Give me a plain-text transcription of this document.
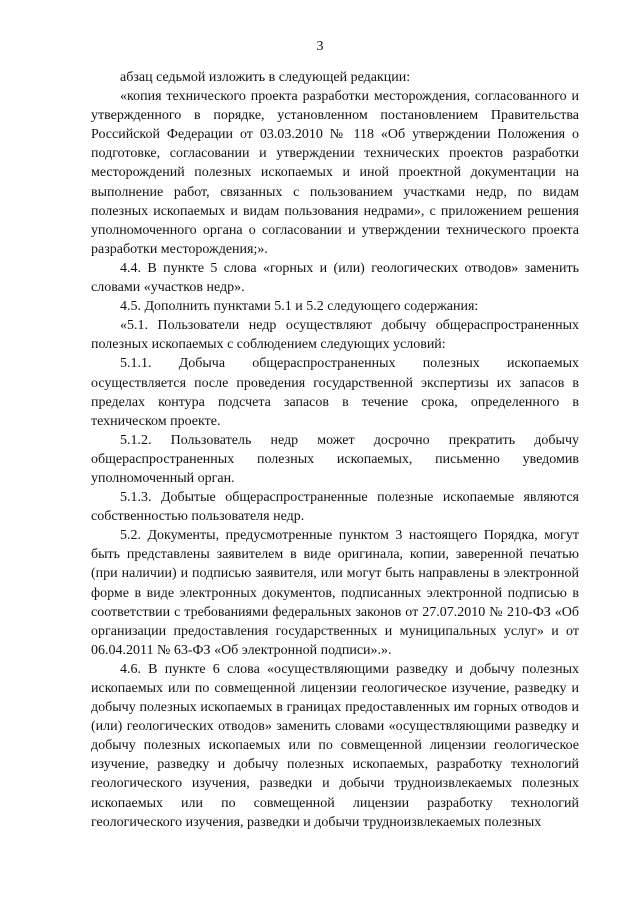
3

абзац седьмой изложить в следующей редакции:

«копия технического проекта разработки месторождения, согласованного и утвержденного в порядке, установленном постановлением Правительства Российской Федерации от 03.03.2010 № 118 «Об утверждении Положения о подготовке, согласовании и утверждении технических проектов разработки месторождений полезных ископаемых и иной проектной документации на выполнение работ, связанных с пользованием участками недр, по видам полезных ископаемых и видам пользования недрами», с приложением решения уполномоченного органа о согласовании и утверждении технического проекта разработки месторождения;».

4.4. В пункте 5 слова «горных и (или) геологических отводов» заменить словами «участков недр».

4.5. Дополнить пунктами 5.1 и 5.2 следующего содержания:

«5.1. Пользователи недр осуществляют добычу общераспространенных полезных ископаемых с соблюдением следующих условий:

5.1.1. Добыча общераспространенных полезных ископаемых осуществляется после проведения государственной экспертизы их запасов в пределах контура подсчета запасов в течение срока, определенного в техническом проекте.

5.1.2. Пользователь недр может досрочно прекратить добычу общераспространенных полезных ископаемых, письменно уведомив уполномоченный орган.

5.1.3. Добытые общераспространенные полезные ископаемые являются собственностью пользователя недр.

5.2. Документы, предусмотренные пунктом 3 настоящего Порядка, могут быть представлены заявителем в виде оригинала, копии, заверенной печатью (при наличии) и подписью заявителя, или могут быть направлены в электронной форме в виде электронных документов, подписанных электронной подписью в соответствии с требованиями федеральных законов от 27.07.2010 № 210-ФЗ «Об организации предоставления государственных и муниципальных услуг» и от 06.04.2011 № 63-ФЗ «Об электронной подписи».».

4.6. В пункте 6 слова «осуществляющими разведку и добычу полезных ископаемых или по совмещенной лицензии геологическое изучение, разведку и добычу полезных ископаемых в границах предоставленных им горных отводов и (или) геологических отводов» заменить словами «осуществляющими разведку и добычу полезных ископаемых или по совмещенной лицензии геологическое изучение, разведку и добычу полезных ископаемых, разработку технологий геологического изучения, разведки и добычи трудноизвлекаемых полезных ископаемых или по совмещенной лицензии разработку технологий геологического изучения, разведки и добычи трудноизвлекаемых полезных
